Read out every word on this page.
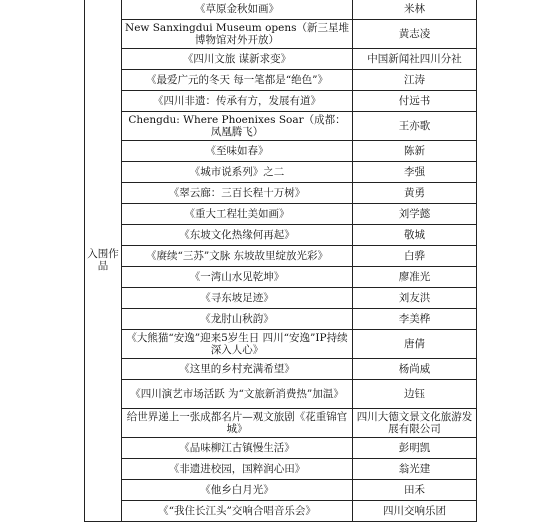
入围作品	《草原金秋如画》	米林
	New Sanxingdui Museum opens（新三星堆博物馆对外开放）	黄志凌
	《四川文旅 谋新求变》	中国新闻社四川分社
	《最爱广元的冬天 每一笔都是“绝色”》	江涛
	《四川非遗：传承有方，发展有道》	付远书
	Chengdu: Where Phoenixes Soar（成都：凤凰腾飞）	王亦歌
	《至味如春》	陈新
	《城市说系列》之二	李强
	《翠云廊：三百长程十万树》	黄勇
	《重大工程壮美如画》	刘学懿
	《东坡文化热缘何再起》	敬城
	《赓续“三苏”文脉 东坡故里绽放光彩》	白骅
	《一湾山水见乾坤》	廖准光
	《寻东坡足迹》	刘友洪
	《龙肘山秋韵》	李美桦
	《大熊猫“安逸”迎来5岁生日 四川“安逸”IP持续深入人心》	唐倩
	《这里的乡村充满希望》	杨尚威
	《四川演艺市场活跃 为“文旅新消费热”加温》	边钰
	给世界递上一张成都名片—观文旅剧《花重锦官城》	四川大德文景文化旅游发展有限公司
	《品味柳江古镇慢生活》	彭明凯
	《非遗进校园，国粹润心田》	翁光建
	《他乡白月光》	田禾
	《“我住长江头”交响合唱音乐会》	四川交响乐团
